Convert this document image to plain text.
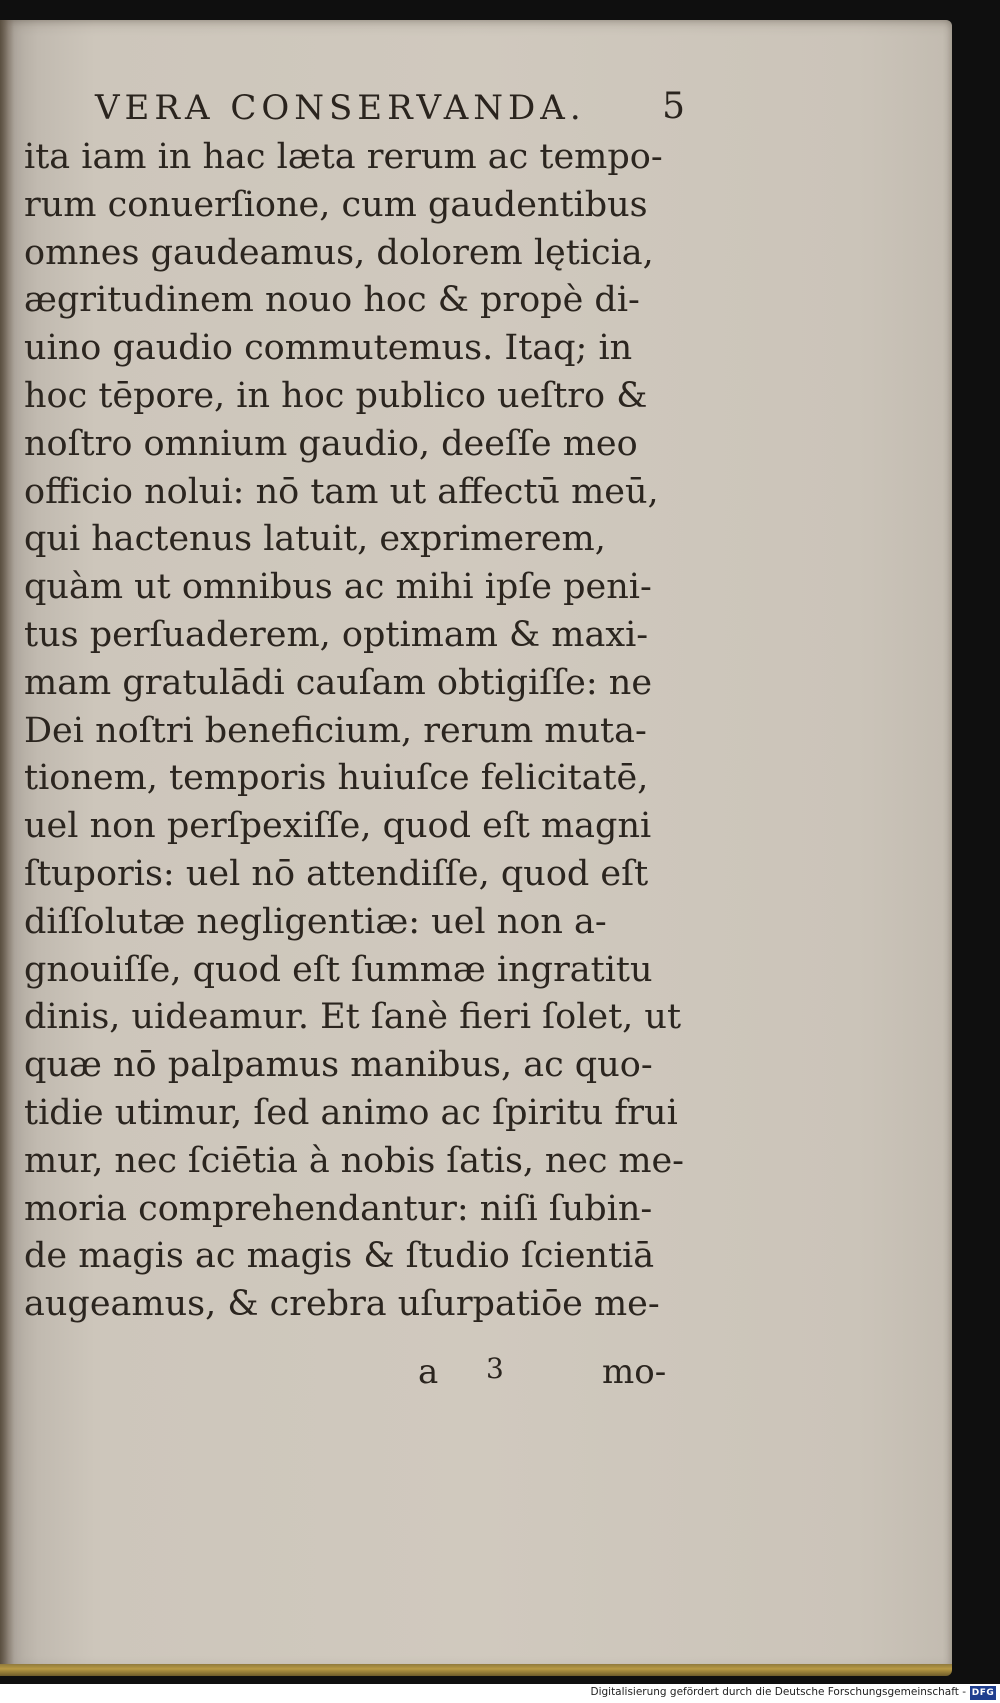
VERA CONSERVANDA. 5
ita iam in hac læta rerum ac tempo-
rum conuerſione, cum gaudentibus
omnes gaudeamus, dolorem lęticia,
ægritudinem nouo hoc & propè di-
uino gaudio commutemus. Itaq; in
hoc tēpore, in hoc publico ueſtro &
noſtro omnium gaudio, deeſſe meo
officio nolui: nō tam ut affectū meū,
qui hactenus latuit, exprimerem,
quàm ut omnibus ac mihi ipſe peni-
tus perſuaderem, optimam & maxi-
mam gratulādi cauſam obtigiſſe: ne
Dei noſtri beneficium, rerum muta-
tionem, temporis huiuſce felicitatē,
uel non perſpexiſſe, quod eſt magni
ſtuporis: uel nō attendiſſe, quod eſt
diſſolutæ negligentiæ: uel non a-
gnouiſſe, quod eſt ſummæ ingratitu
dinis, uideamur. Et ſanè fieri ſolet, ut
quæ nō palpamus manibus, ac quo-
tidie utimur, ſed animo ac ſpiritu frui
mur, nec ſciētia à nobis ſatis, nec me-
moria comprehendantur: niſi ſubin-
de magis ac magis & ſtudio ſcientiā
augeamus, & crebra uſurpatiōe me-
a 3	mo-
Digitalisierung gefördert durch die Deutsche Forschungsgemeinschaft - DFG
